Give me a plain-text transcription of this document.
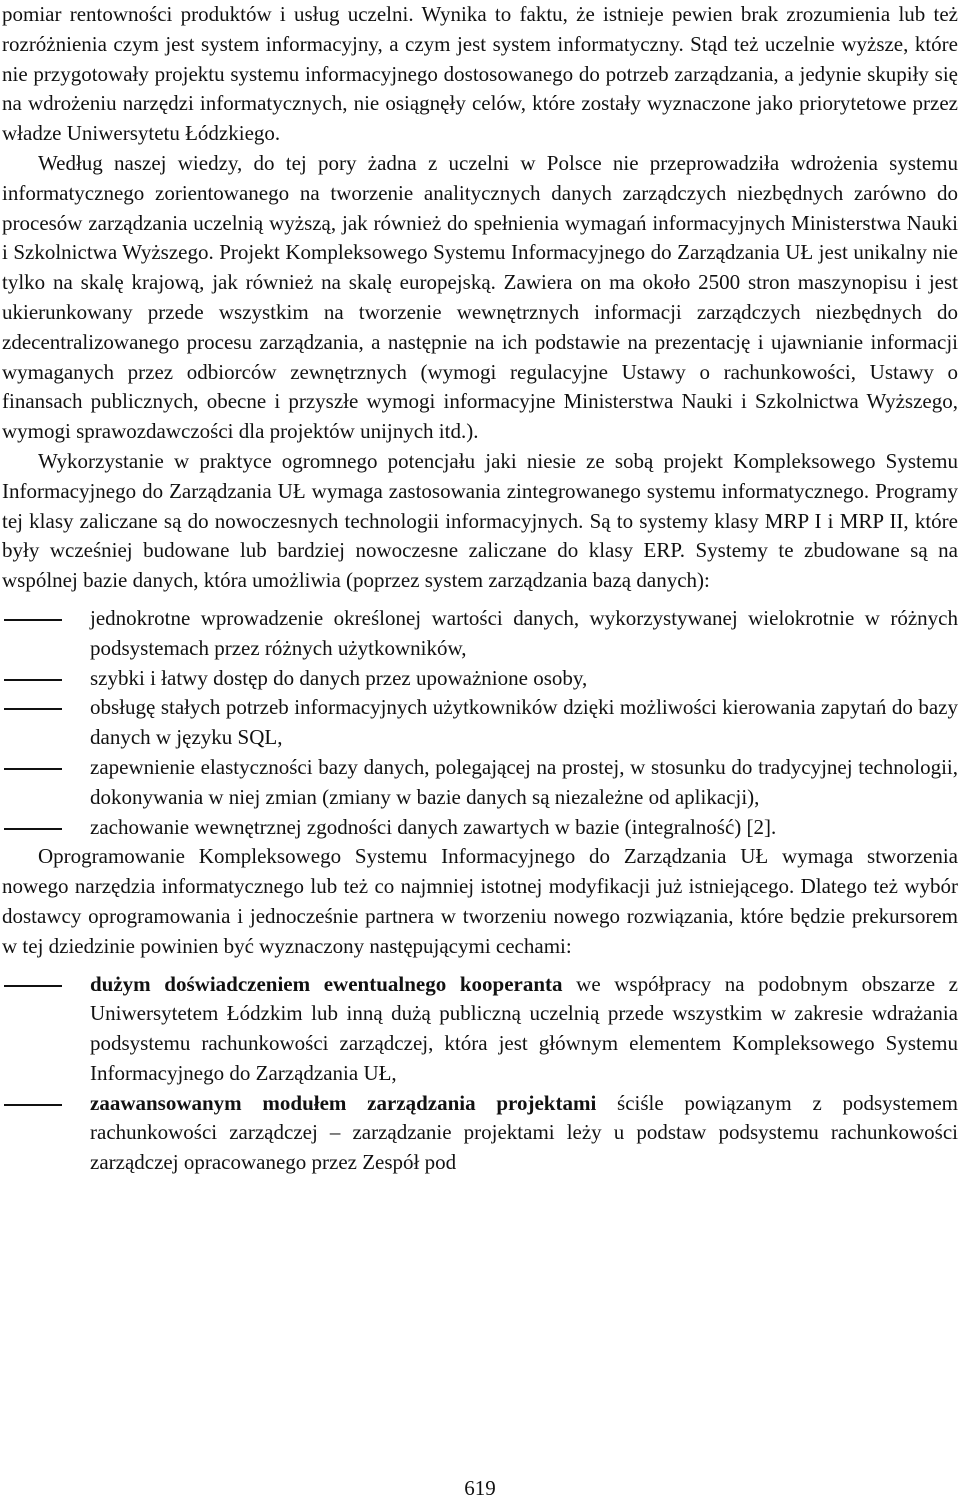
pomiar rentowności produktów i usług uczelni. Wynika to faktu, że istnieje pewien brak zrozumienia lub też rozróżnienia czym jest system informacyjny, a czym jest system informatyczny. Stąd też uczelnie wyższe, które nie przygotowały projektu systemu informacyjnego dostosowanego do potrzeb zarządzania, a jedynie skupiły się na wdrożeniu narzędzi informatycznych, nie osiągnęły celów, które zostały wyznaczone jako priorytetowe przez władze Uniwersytetu Łódzkiego.

Według naszej wiedzy, do tej pory żadna z uczelni w Polsce nie przeprowadziła wdrożenia systemu informatycznego zorientowanego na tworzenie analitycznych danych zarządczych niezbędnych zarówno do procesów zarządzania uczelnią wyższą, jak również do spełnienia wymagań informacyjnych Ministerstwa Nauki i Szkolnictwa Wyższego. Projekt Kompleksowego Systemu Informacyjnego do Zarządzania UŁ jest unikalny nie tylko na skalę krajową, jak również na skalę europejską. Zawiera on ma około 2500 stron maszynopisu i jest ukierunkowany przede wszystkim na tworzenie wewnętrznych informacji zarządczych niezbędnych do zdecentralizowanego procesu zarządzania, a następnie na ich podstawie na prezentację i ujawnianie informacji wymaganych przez odbiorców zewnętrznych (wymogi regulacyjne Ustawy o rachunkowości, Ustawy o finansach publicznych, obecne i przyszłe wymogi informacyjne Ministerstwa Nauki i Szkolnictwa Wyższego, wymogi sprawozdawczości dla projektów unijnych itd.).

Wykorzystanie w praktyce ogromnego potencjału jaki niesie ze sobą projekt Kompleksowego Systemu Informacyjnego do Zarządzania UŁ wymaga zastosowania zintegrowanego systemu informatycznego. Programy tej klasy zaliczane są do nowoczesnych technologii informacyjnych. Są to systemy klasy MRP I i MRP II, które były wcześniej budowane lub bardziej nowoczesne zaliczane do klasy ERP. Systemy te zbudowane są na wspólnej bazie danych, która umożliwia (poprzez system zarządzania bazą danych):

jednokrotne wprowadzenie określonej wartości danych, wykorzystywanej wielokrotnie w różnych podsystemach przez różnych użytkowników,
szybki i łatwy dostęp do danych przez upoważnione osoby,
obsługę stałych potrzeb informacyjnych użytkowników dzięki możliwości kierowania zapytań do bazy danych w języku SQL,
zapewnienie elastyczności bazy danych, polegającej na prostej, w stosunku do tradycyjnej technologii, dokonywania w niej zmian (zmiany w bazie danych są niezależne od aplikacji),
zachowanie wewnętrznej zgodności danych zawartych w bazie (integralność) [2].

Oprogramowanie Kompleksowego Systemu Informacyjnego do Zarządzania UŁ wymaga stworzenia nowego narzędzia informatycznego lub też co najmniej istotnej modyfikacji już istniejącego. Dlatego też wybór dostawcy oprogramowania i jednocześnie partnera w tworzeniu nowego rozwiązania, które będzie prekursorem w tej dziedzinie powinien być wyznaczony następującymi cechami:

dużym doświadczeniem ewentualnego kooperanta we współpracy na podobnym obszarze z Uniwersytetem Łódzkim lub inną dużą publiczną uczelnią przede wszystkim w zakresie wdrażania podsystemu rachunkowości zarządczej, która jest głównym elementem Kompleksowego Systemu Informacyjnego do Zarządzania UŁ,
zaawansowanym modułem zarządzania projektami ściśle powiązanym z podsystemem rachunkowości zarządczej – zarządzanie projektami leży u podstaw podsystemu rachunkowości zarządczej opracowanego przez Zespół pod
619
